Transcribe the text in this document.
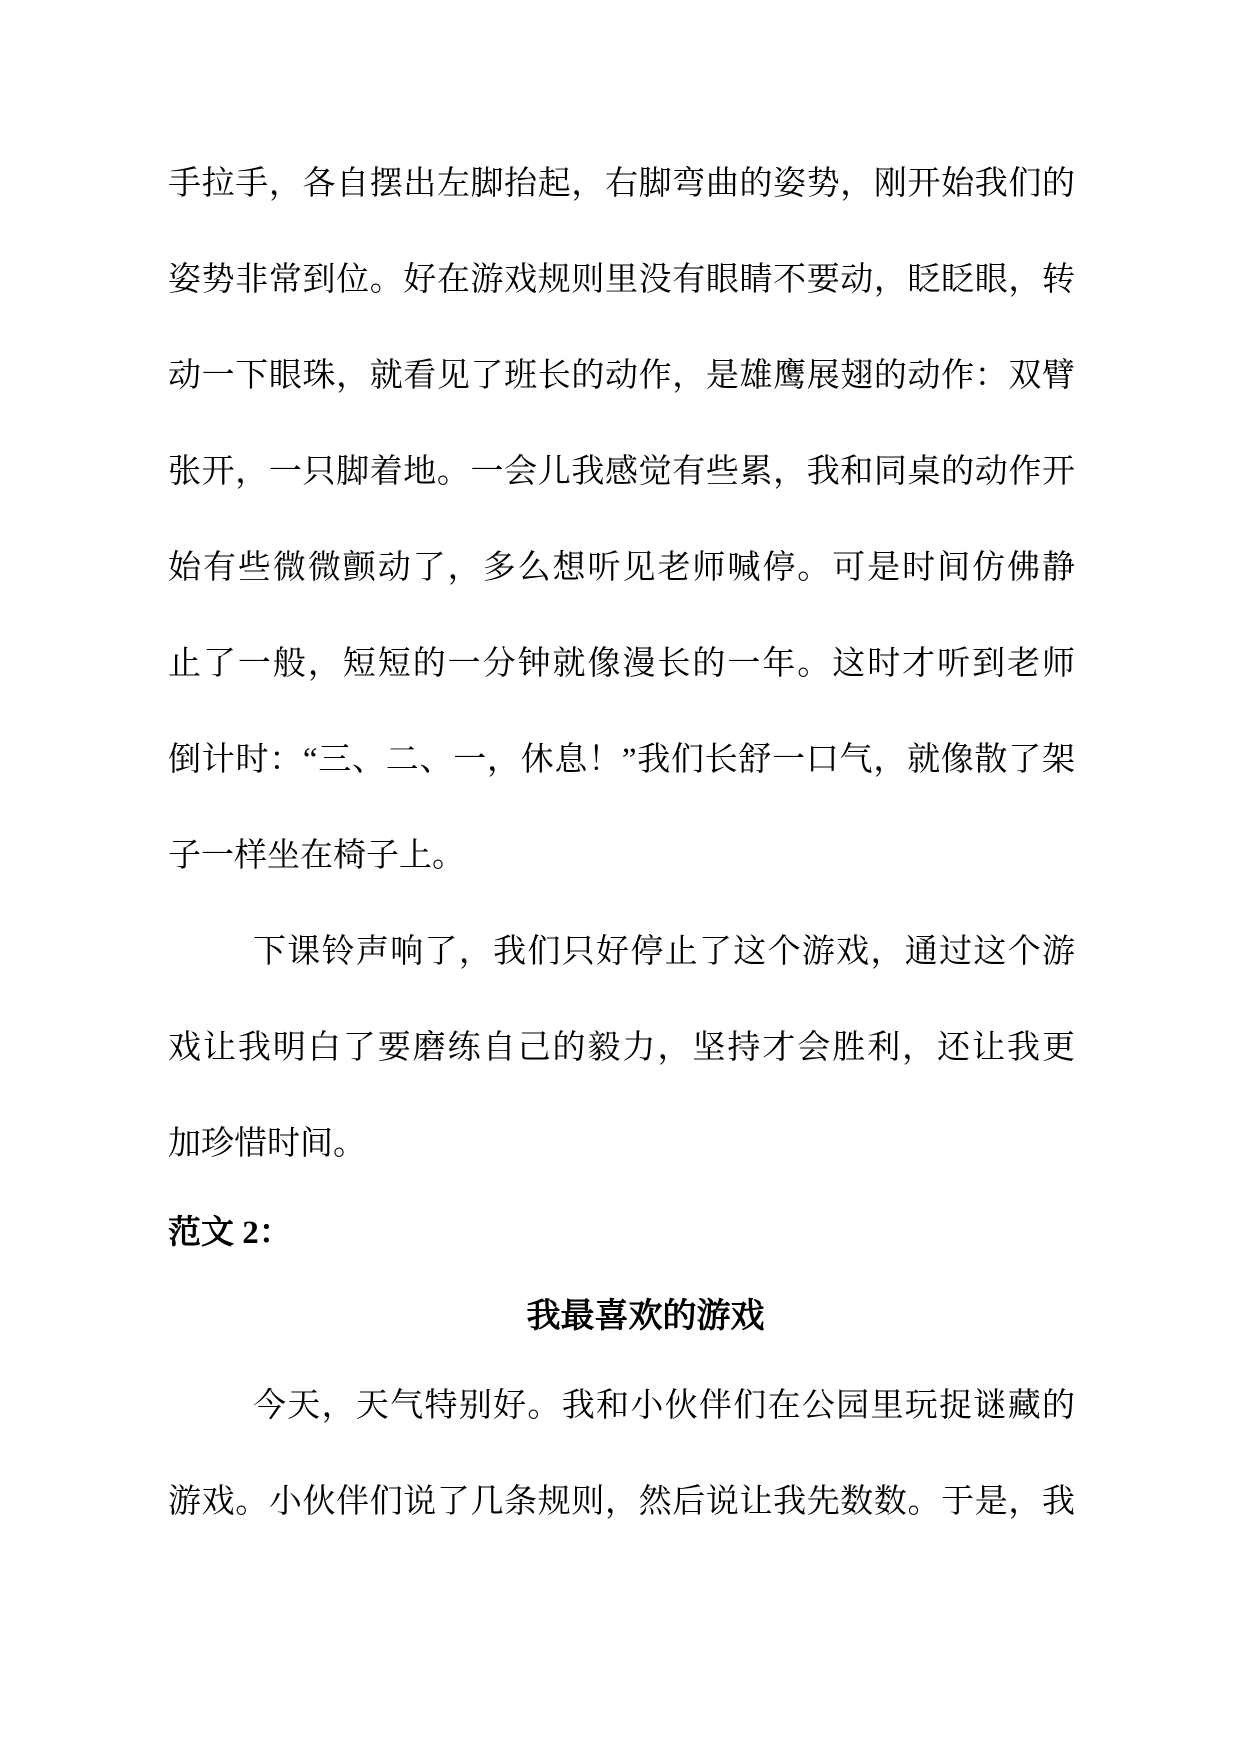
手拉手，各自摆出左脚抬起，右脚弯曲的姿势，刚开始我们的
姿势非常到位。好在游戏规则里没有眼睛不要动，眨眨眼，转
动一下眼珠，就看见了班长的动作，是雄鹰展翅的动作：双臂
张开，一只脚着地。一会儿我感觉有些累，我和同桌的动作开
始有些微微颤动了，多么想听见老师喊停。可是时间仿佛静
止了一般，短短的一分钟就像漫长的一年。这时才听到老师
倒计时：“三、二、一，休息！”我们长舒一口气，就像散了架
子一样坐在椅子上。
下课铃声响了，我们只好停止了这个游戏，通过这个游
戏让我明白了要磨练自己的毅力，坚持才会胜利，还让我更
加珍惜时间。
范文 2：
我最喜欢的游戏
今天，天气特别好。我和小伙伴们在公园里玩捉谜藏的
游戏。小伙伴们说了几条规则，然后说让我先数数。于是，我
